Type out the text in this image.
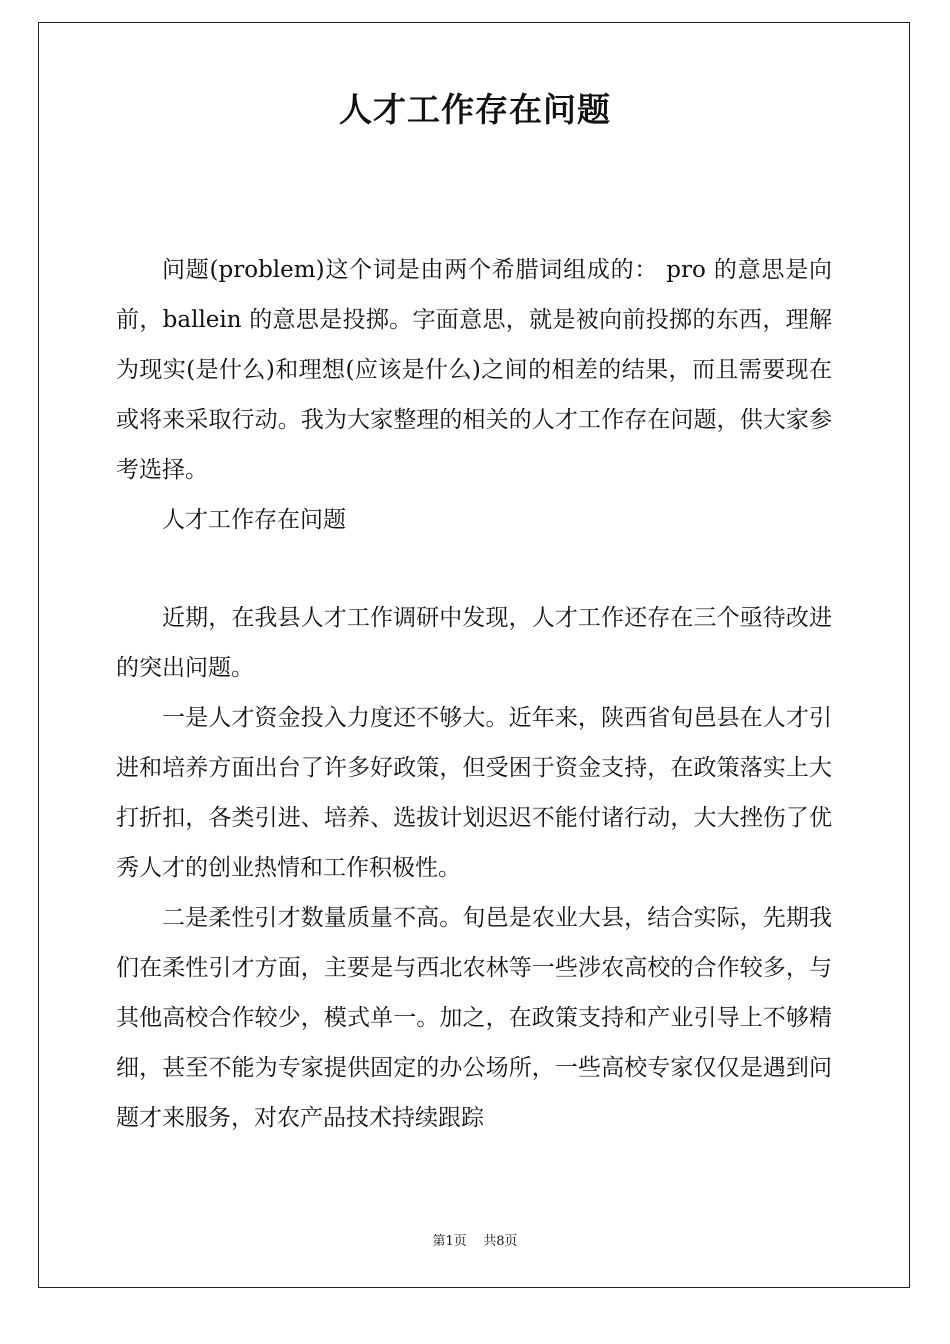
人才工作存在问题

问题(problem)这个词是由两个希腊词组成的： pro 的意思是向前，ballein 的意思是投掷。字面意思，就是被向前投掷的东西，理解为现实(是什么)和理想(应该是什么)之间的相差的结果，而且需要现在或将来采取行动。我为大家整理的相关的人才工作存在问题，供大家参考选择。

人才工作存在问题

近期，在我县人才工作调研中发现，人才工作还存在三个亟待改进的突出问题。

一是人才资金投入力度还不够大。近年来，陕西省旬邑县在人才引进和培养方面出台了许多好政策，但受困于资金支持，在政策落实上大打折扣，各类引进、培养、选拔计划迟迟不能付诸行动，大大挫伤了优秀人才的创业热情和工作积极性。

二是柔性引才数量质量不高。旬邑是农业大县，结合实际，先期我们在柔性引才方面，主要是与西北农林等一些涉农高校的合作较多，与其他高校合作较少，模式单一。加之，在政策支持和产业引导上不够精细，甚至不能为专家提供固定的办公场所，一些高校专家仅仅是遇到问题才来服务，对农产品技术持续跟踪

第1页 共8页
